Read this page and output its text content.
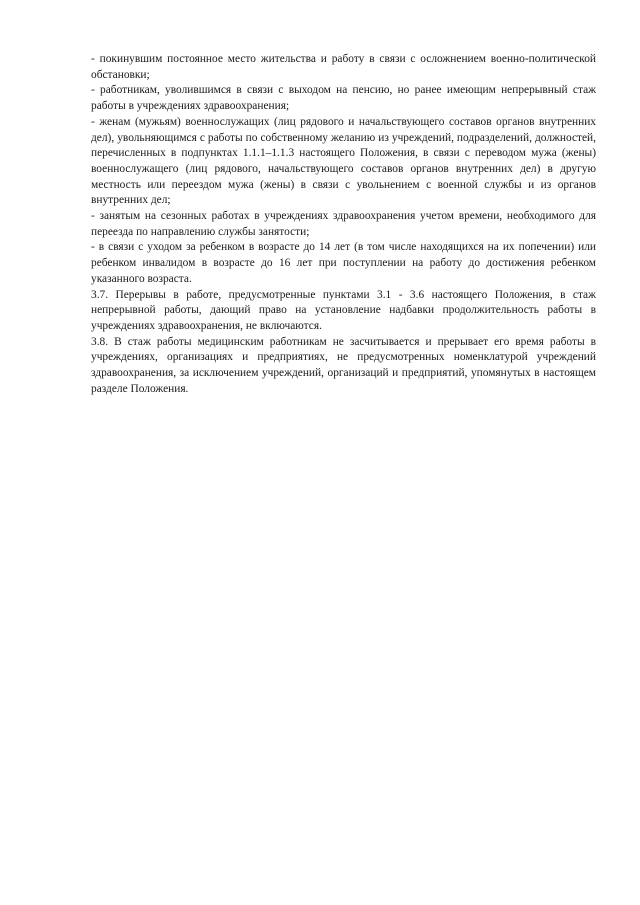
- покинувшим постоянное место жительства и работу в связи с осложнением военно-политической обстановки;

- работникам, уволившимся в связи с выходом на пенсию, но ранее имеющим непрерывный стаж работы в учреждениях здравоохранения;

- женам (мужьям) военнослужащих (лиц рядового и начальствующего составов органов внутренних дел), увольняющимся с работы по собственному желанию из учреждений, подразделений, должностей, перечисленных в подпунктах 1.1.1–1.1.3 настоящего Положения, в связи с переводом мужа (жены) военнослужащего (лиц рядового, начальствующего составов органов внутренних дел) в другую местность или переездом мужа (жены) в связи с увольнением с военной службы и из органов внутренних дел;

- занятым на сезонных работах в учреждениях здравоохранения учетом времени, необходимого для переезда по направлению службы занятости;

- в связи с уходом за ребенком в возрасте до 14 лет (в том числе находящихся на их попечении) или ребенком инвалидом в возрасте до 16 лет при поступлении на работу до достижения ребенком указанного возраста.

3.7. Перерывы в работе, предусмотренные пунктами 3.1 - 3.6 настоящего Положения, в стаж непрерывной работы, дающий право на установление надбавки продолжительность работы в учреждениях здравоохранения, не включаются.

3.8. В стаж работы медицинским работникам не засчитывается и прерывает его время работы в учреждениях, организациях и предприятиях, не предусмотренных номенклатурой учреждений здравоохранения, за исключением учреждений, организаций и предприятий, упомянутых в настоящем разделе Положения.
